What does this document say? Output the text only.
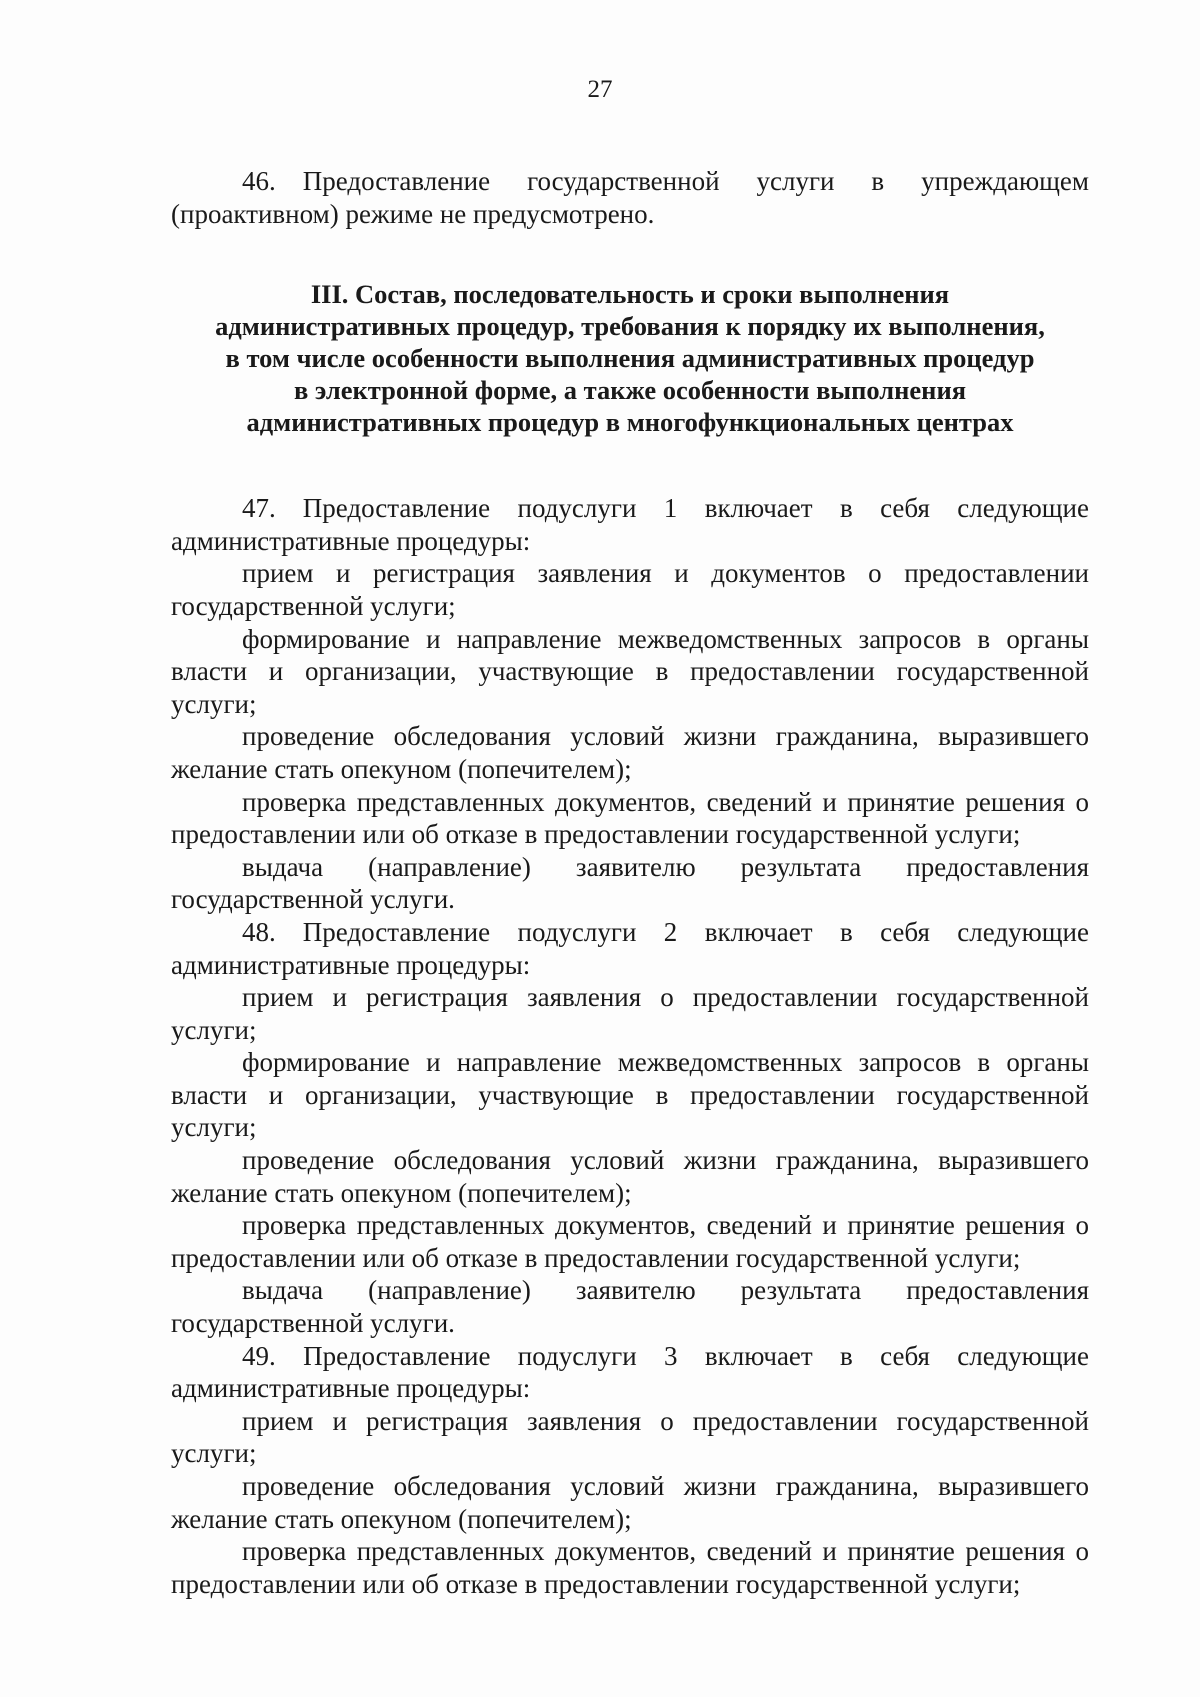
27

46. Предоставление государственной услуги в упреждающем (проактивном) режиме не предусмотрено.

III. Состав, последовательность и сроки выполнения
административных процедур, требования к порядку их выполнения,
в том числе особенности выполнения административных процедур
в электронной форме, а также особенности выполнения
административных процедур в многофункциональных центрах

47. Предоставление подуслуги 1 включает в себя следующие административные процедуры:

прием и регистрация заявления и документов о предоставлении государственной услуги;

формирование и направление межведомственных запросов в органы власти и организации, участвующие в предоставлении государственной услуги;

проведение обследования условий жизни гражданина, выразившего желание стать опекуном (попечителем);

проверка представленных документов, сведений и принятие решения о предоставлении или об отказе в предоставлении государственной услуги;

выдача (направление) заявителю результата предоставления государственной услуги.

48. Предоставление подуслуги 2 включает в себя следующие административные процедуры:

прием и регистрация заявления о предоставлении государственной услуги;

формирование и направление межведомственных запросов в органы власти и организации, участвующие в предоставлении государственной услуги;

проведение обследования условий жизни гражданина, выразившего желание стать опекуном (попечителем);

проверка представленных документов, сведений и принятие решения о предоставлении или об отказе в предоставлении государственной услуги;

выдача (направление) заявителю результата предоставления государственной услуги.

49. Предоставление подуслуги 3 включает в себя следующие административные процедуры:

прием и регистрация заявления о предоставлении государственной услуги;

проведение обследования условий жизни гражданина, выразившего желание стать опекуном (попечителем);

проверка представленных документов, сведений и принятие решения о предоставлении или об отказе в предоставлении государственной услуги;
